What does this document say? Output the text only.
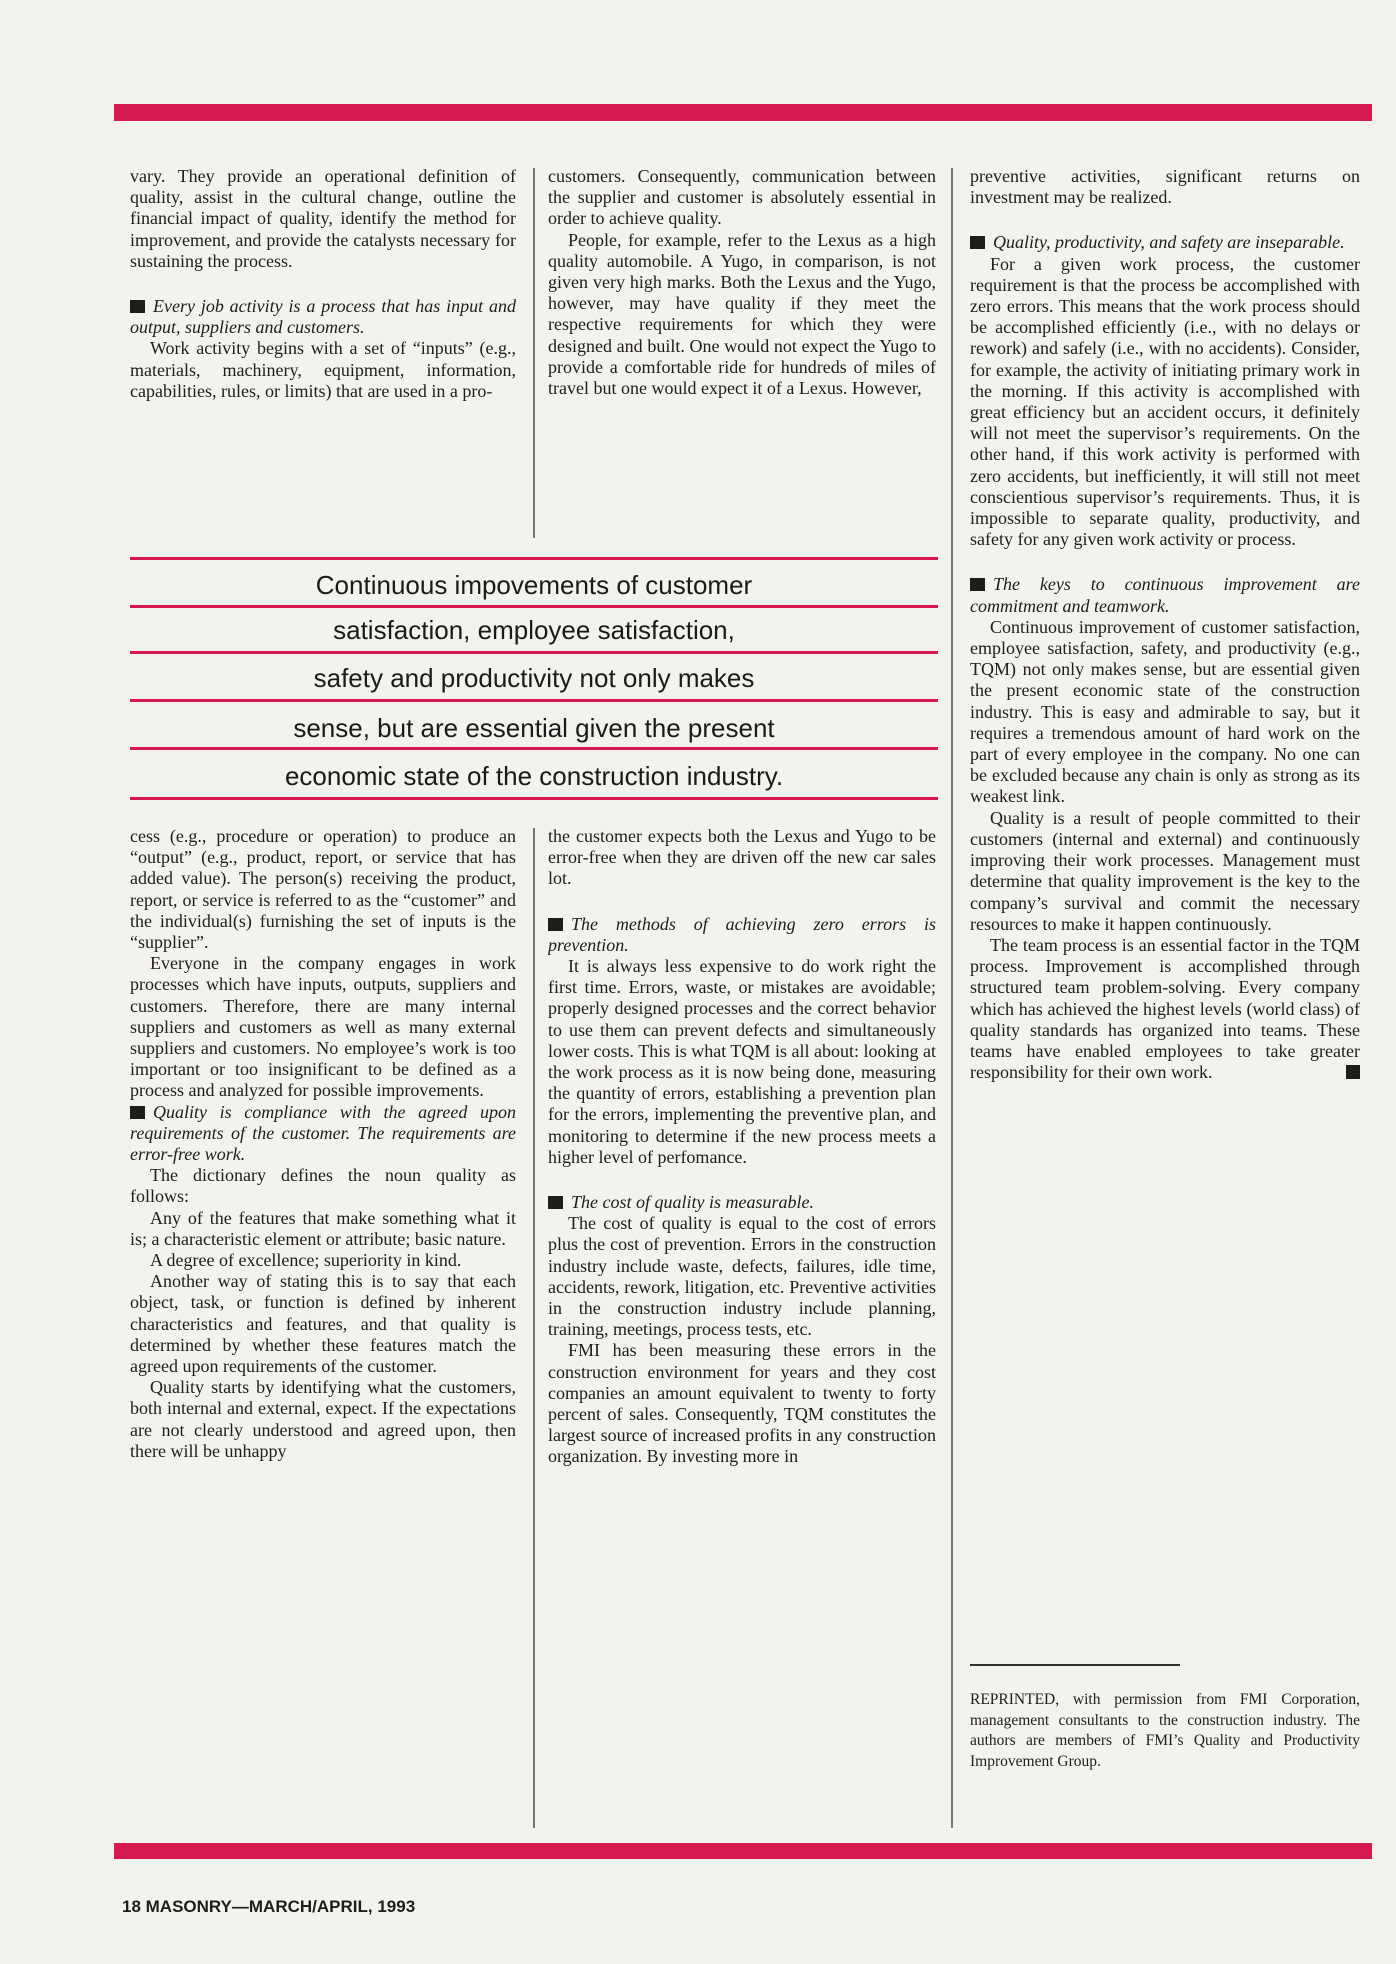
vary. They provide an operational definition of quality, assist in the cultural change, outline the financial impact of quality, identify the method for improvement, and provide the catalysts necessary for sustaining the process.

Every job activity is a process that has input and output, suppliers and customers.

Work activity begins with a set of “inputs” (e.g., materials, machinery, equipment, information, capabilities, rules, or limits) that are used in a pro-

customers. Consequently, communication between the supplier and customer is absolutely essential in order to achieve quality.

People, for example, refer to the Lexus as a high quality automobile. A Yugo, in comparison, is not given very high marks. Both the Lexus and the Yugo, however, may have quality if they meet the respective requirements for which they were designed and built. One would not expect the Yugo to provide a comfortable ride for hundreds of miles of travel but one would expect it of a Lexus. However,

Continuous impovements of customer
satisfaction, employee satisfaction,
safety and productivity not only makes
sense, but are essential given the present
economic state of the construction industry.

cess (e.g., procedure or operation) to produce an “output” (e.g., product, report, or service that has added value). The person(s) receiving the product, report, or service is referred to as the “customer” and the individual(s) furnishing the set of inputs is the “supplier”.

Everyone in the company engages in work processes which have inputs, outputs, suppliers and customers. Therefore, there are many internal suppliers and customers as well as many external suppliers and customers. No employee’s work is too important or too insignificant to be defined as a process and analyzed for possible improvements.

Quality is compliance with the agreed upon requirements of the customer. The requirements are error-free work.

The dictionary defines the noun quality as follows:

Any of the features that make something what it is; a characteristic element or attribute; basic nature.

A degree of excellence; superiority in kind.

Another way of stating this is to say that each object, task, or function is defined by inherent characteristics and features, and that quality is determined by whether these features match the agreed upon requirements of the customer.

Quality starts by identifying what the customers, both internal and external, expect. If the expectations are not clearly understood and agreed upon, then there will be unhappy

the customer expects both the Lexus and Yugo to be error-free when they are driven off the new car sales lot.

The methods of achieving zero errors is prevention.

It is always less expensive to do work right the first time. Errors, waste, or mistakes are avoidable; properly designed processes and the correct behavior to use them can prevent defects and simultaneously lower costs. This is what TQM is all about: looking at the work process as it is now being done, measuring the quantity of errors, establishing a prevention plan for the errors, implementing the preventive plan, and monitoring to determine if the new process meets a higher level of perfomance.

The cost of quality is measurable.

The cost of quality is equal to the cost of errors plus the cost of prevention. Errors in the construction industry include waste, defects, failures, idle time, accidents, rework, litigation, etc. Preventive activities in the construction industry include planning, training, meetings, process tests, etc.

FMI has been measuring these errors in the construction environment for years and they cost companies an amount equivalent to twenty to forty percent of sales. Consequently, TQM constitutes the largest source of increased profits in any construction organization. By investing more in

preventive activities, significant returns on investment may be realized.

Quality, productivity, and safety are inseparable.

For a given work process, the customer requirement is that the process be accomplished with zero errors. This means that the work process should be accomplished efficiently (i.e., with no delays or rework) and safely (i.e., with no accidents). Consider, for example, the activity of initiating primary work in the morning. If this activity is accomplished with great efficiency but an accident occurs, it definitely will not meet the supervisor’s requirements. On the other hand, if this work activity is performed with zero accidents, but inefficiently, it will still not meet conscientious supervisor’s requirements. Thus, it is impossible to separate quality, productivity, and safety for any given work activity or process.

The keys to continuous improvement are commitment and teamwork.

Continuous improvement of customer satisfaction, employee satisfaction, safety, and productivity (e.g., TQM) not only makes sense, but are essential given the present economic state of the construction industry. This is easy and admirable to say, but it requires a tremendous amount of hard work on the part of every employee in the company. No one can be excluded because any chain is only as strong as its weakest link.

Quality is a result of people committed to their customers (internal and external) and continuously improving their work processes. Management must determine that quality improvement is the key to the company’s survival and commit the necessary resources to make it happen continuously.

The team process is an essential factor in the TQM process. Improvement is accomplished through structured team problem-solving. Every company which has achieved the highest levels (world class) of quality standards has organized into teams. These teams have enabled employees to take greater responsibility for their own work.

REPRINTED, with permission from FMI Corporation, management consultants to the construction industry. The authors are members of FMI’s Quality and Productivity Improvement Group.

18 MASONRY—MARCH/APRIL, 1993
